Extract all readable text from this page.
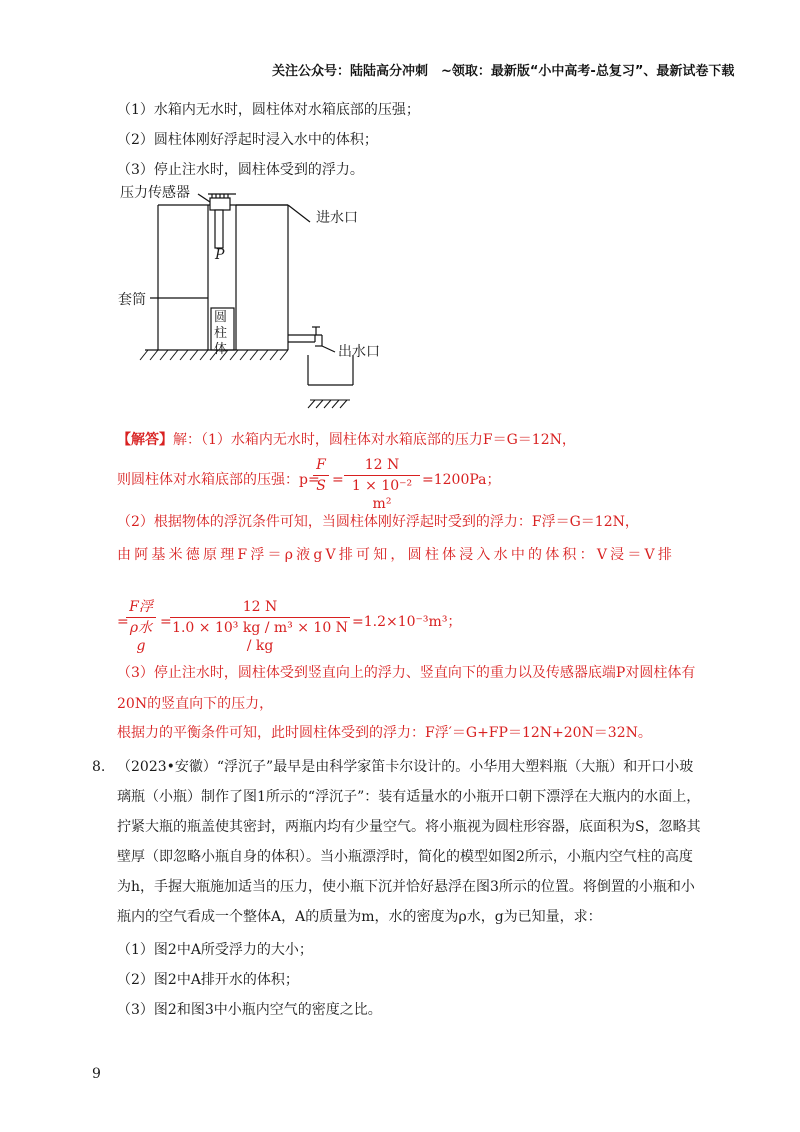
关注公众号：陆陆高分冲刺　~领取：最新版“小中高考-总复习”、最新试卷下载
（1）水箱内无水时，圆柱体对水箱底部的压强；
（2）圆柱体刚好浮起时浸入水中的体积；
（3）停止注水时，圆柱体受到的浮力。
压力传感器
进水口
P
套筒
圆柱体	出水口
【解答】解：（1）水箱内无水时，圆柱体对水箱底部的压力F＝G＝12N，
则圆柱体对水箱底部的压强：p=
F
S =
12 N
1 × 10⁻² m²
=1200Pa；
（2）根据物体的浮沉条件可知，当圆柱体刚好浮起时受到的浮力：F浮＝G＝12N，
由阿基米德原理F浮＝ρ液gV排可知，圆柱体浸入水中的体积：V浸＝V排
=
F浮
ρ水g
=
12 N
1.0 × 10³ kg / m³ × 10 N / kg
=1.2×10⁻³m³；
（3）停止注水时，圆柱体受到竖直向上的浮力、竖直向下的重力以及传感器底端P对圆柱体有
20N的竖直向下的压力，
根据力的平衡条件可知，此时圆柱体受到的浮力：F浮′＝G+FP＝12N+20N＝32N。
8. （2023•安徽）“浮沉子”最早是由科学家笛卡尔设计的。小华用大塑料瓶（大瓶）和开口小玻
璃瓶（小瓶）制作了图1所示的“浮沉子”：装有适量水的小瓶开口朝下漂浮在大瓶内的水面上，
拧紧大瓶的瓶盖使其密封，两瓶内均有少量空气。将小瓶视为圆柱形容器，底面积为S，忽略其
壁厚（即忽略小瓶自身的体积）。当小瓶漂浮时，简化的模型如图2所示，小瓶内空气柱的高度
为h，手握大瓶施加适当的压力，使小瓶下沉并恰好悬浮在图3所示的位置。将倒置的小瓶和小
瓶内的空气看成一个整体A，A的质量为m，水的密度为ρ水，g为已知量，求：
（1）图2中A所受浮力的大小；
（2）图2中A排开水的体积；
（3）图2和图3中小瓶内空气的密度之比。
9
